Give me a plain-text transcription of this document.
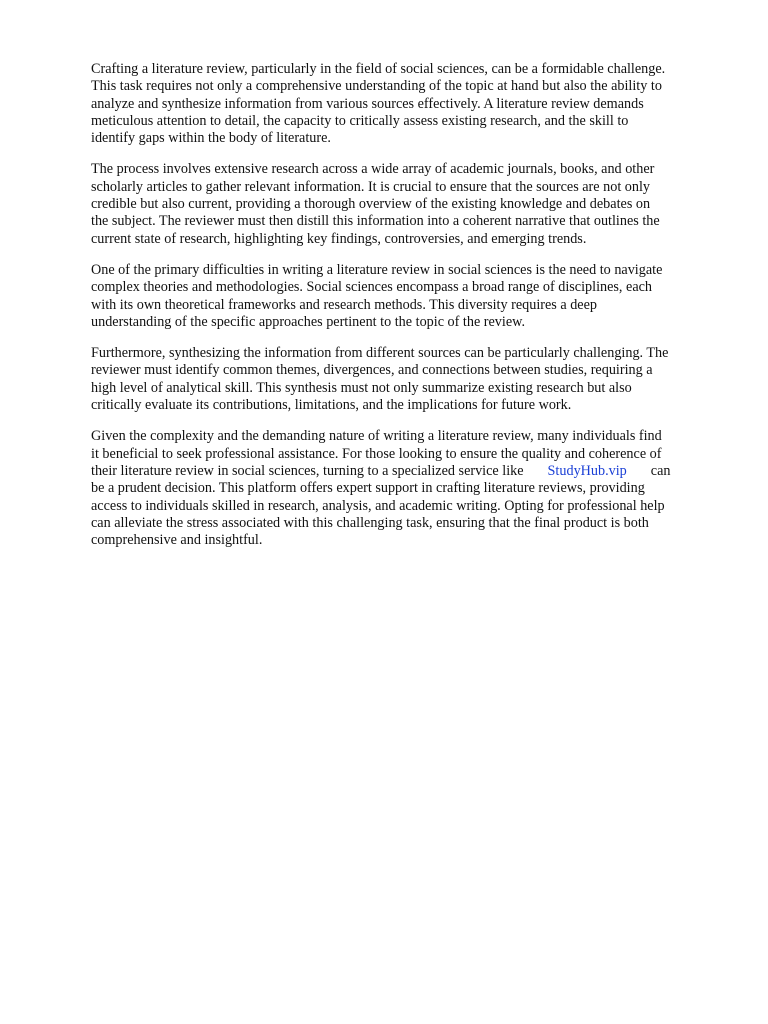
Crafting a literature review, particularly in the field of social sciences, can be a formidable challenge.
This task requires not only a comprehensive understanding of the topic at hand but also the ability to
analyze and synthesize information from various sources effectively. A literature review demands
meticulous attention to detail, the capacity to critically assess existing research, and the skill to
identify gaps within the body of literature.

The process involves extensive research across a wide array of academic journals, books, and other
scholarly articles to gather relevant information. It is crucial to ensure that the sources are not only
credible but also current, providing a thorough overview of the existing knowledge and debates on
the subject. The reviewer must then distill this information into a coherent narrative that outlines the
current state of research, highlighting key findings, controversies, and emerging trends.

One of the primary difficulties in writing a literature review in social sciences is the need to navigate
complex theories and methodologies. Social sciences encompass a broad range of disciplines, each
with its own theoretical frameworks and research methods. This diversity requires a deep
understanding of the specific approaches pertinent to the topic of the review.

Furthermore, synthesizing the information from different sources can be particularly challenging. The
reviewer must identify common themes, divergences, and connections between studies, requiring a
high level of analytical skill. This synthesis must not only summarize existing research but also
critically evaluate its contributions, limitations, and the implications for future work.

Given the complexity and the demanding nature of writing a literature review, many individuals find
it beneficial to seek professional assistance. For those looking to ensure the quality and coherence of
their literature review in social sciences, turning to a specialized service like StudyHub.vip can
be a prudent decision. This platform offers expert support in crafting literature reviews, providing
access to individuals skilled in research, analysis, and academic writing. Opting for professional help
can alleviate the stress associated with this challenging task, ensuring that the final product is both
comprehensive and insightful.
